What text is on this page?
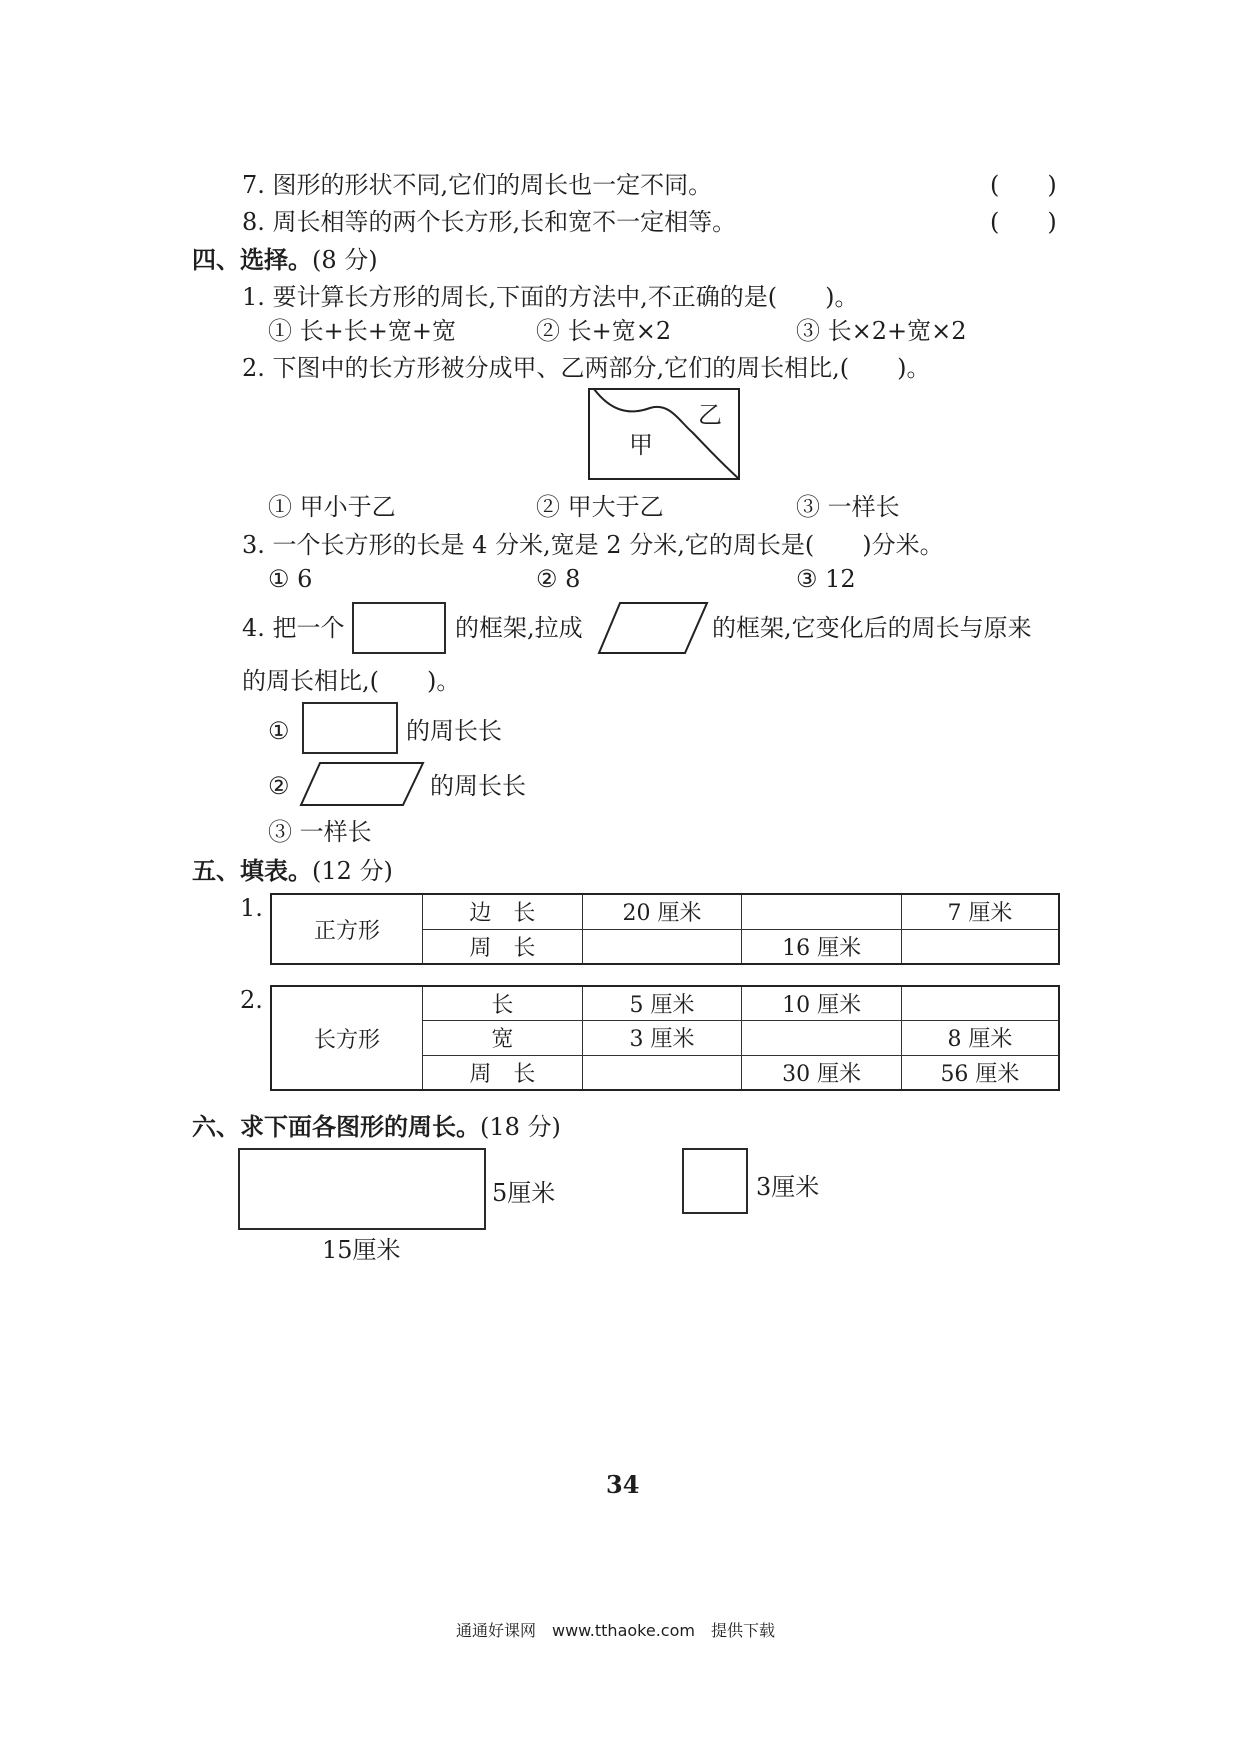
7. 图形的形状不同,它们的周长也一定不同。	(　　)
8. 周长相等的两个长方形,长和宽不一定相等。	(　　)
四、选择。(8 分)
1. 要计算长方形的周长,下面的方法中,不正确的是(　　)。
① 长+长+宽+宽	② 长+宽×2	③ 长×2+宽×2
2. 下图中的长方形被分成甲、乙两部分,它们的周长相比,(　　)。
甲
乙
① 甲小于乙	② 甲大于乙	③ 一样长
3. 一个长方形的长是 4 分米,宽是 2 分米,它的周长是(　　)分米。
① 6	② 8	③ 12
4. 把一个	的框架,拉成	的框架,它变化后的周长与原来
的周长相比,(　　)。
①	的周长长
②	的周长长
③ 一样长
五、填表。(12 分)
1.
正方形	边　长	20 厘米		7 厘米
	周　长		16 厘米	
2.
长方形	长	5 厘米	10 厘米	
	宽	3 厘米		8 厘米
	周　长		30 厘米	56 厘米
六、求下面各图形的周长。(18 分)
5厘米
15厘米
3厘米
34
通通好课网　www.tthaoke.com　提供下载
